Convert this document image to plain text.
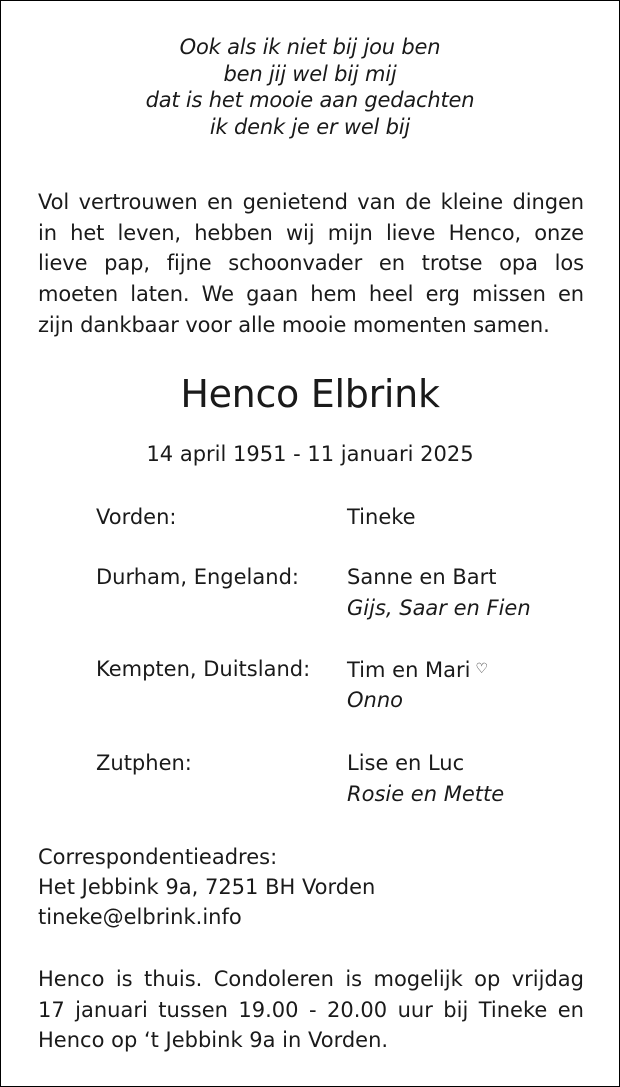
Ook als ik niet bij jou ben
ben jij wel bij mij
dat is het mooie aan gedachten
ik denk je er wel bij
Vol vertrouwen en genietend van de kleine dingen
in het leven, hebben wij mijn lieve Henco, onze
lieve pap, fijne schoonvader en trotse opa los
moeten laten. We gaan hem heel erg missen en
zijn dankbaar voor alle mooie momenten samen.
Henco Elbrink
14 april 1951 - 11 januari 2025
Vorden:	Tineke
Durham, Engeland: Sanne en Bart
Gijs, Saar en Fien
Kempten, Duitsland: Tim en Mari ♡
Onno
Zutphen:	Lise en Luc
Rosie en Mette
Correspondentieadres:
Het Jebbink 9a, 7251 BH Vorden
tineke@elbrink.info
Henco is thuis. Condoleren is mogelijk op vrijdag
17 januari tussen 19.00 - 20.00 uur bij Tineke en
Henco op ‘t Jebbink 9a in Vorden.
